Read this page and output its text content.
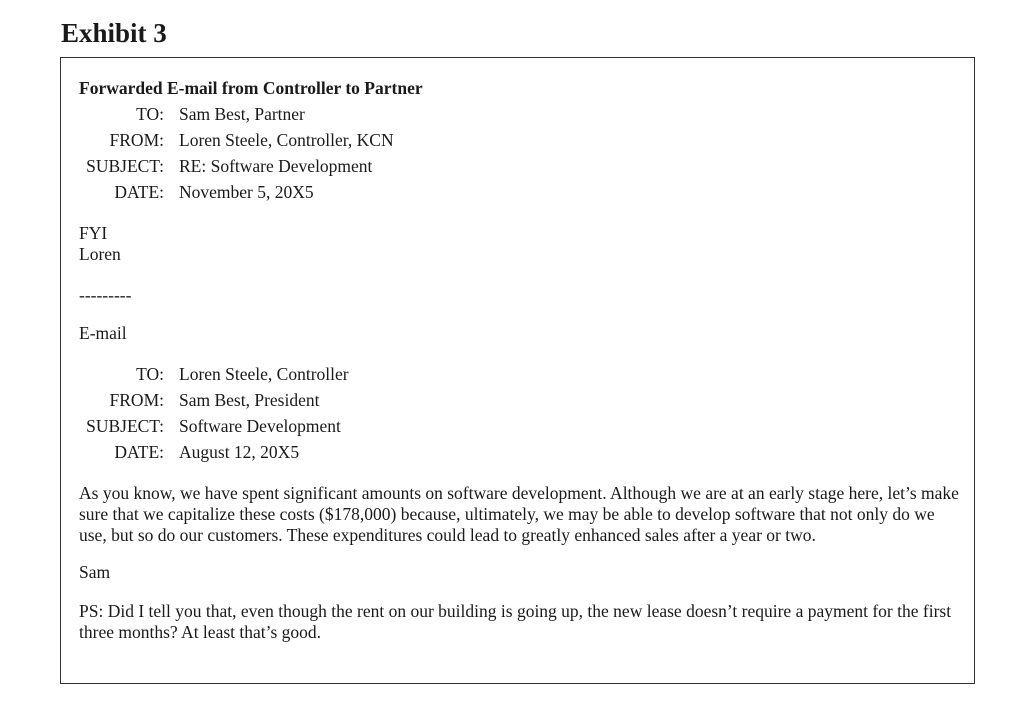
Exhibit 3

Forwarded E-mail from Controller to Partner

TO:	Sam Best, Partner
FROM:	Loren Steele, Controller, KCN
SUBJECT:	RE: Software Development
DATE:	November 5, 20X5
FYI
Loren
---------
E-mail
TO:	Loren Steele, Controller
FROM:	Sam Best, President
SUBJECT:	Software Development
DATE:	August 12, 20X5

As you know, we have spent significant amounts on software development. Although we are at an early stage here, let’s make sure that we capitalize these costs ($178,000) because, ultimately, we may be able to develop software that not only do we use, but so do our customers. These expenditures could lead to greatly enhanced sales after a year or two.

Sam

PS: Did I tell you that, even though the rent on our building is going up, the new lease doesn’t require a payment for the first three months? At least that’s good.
